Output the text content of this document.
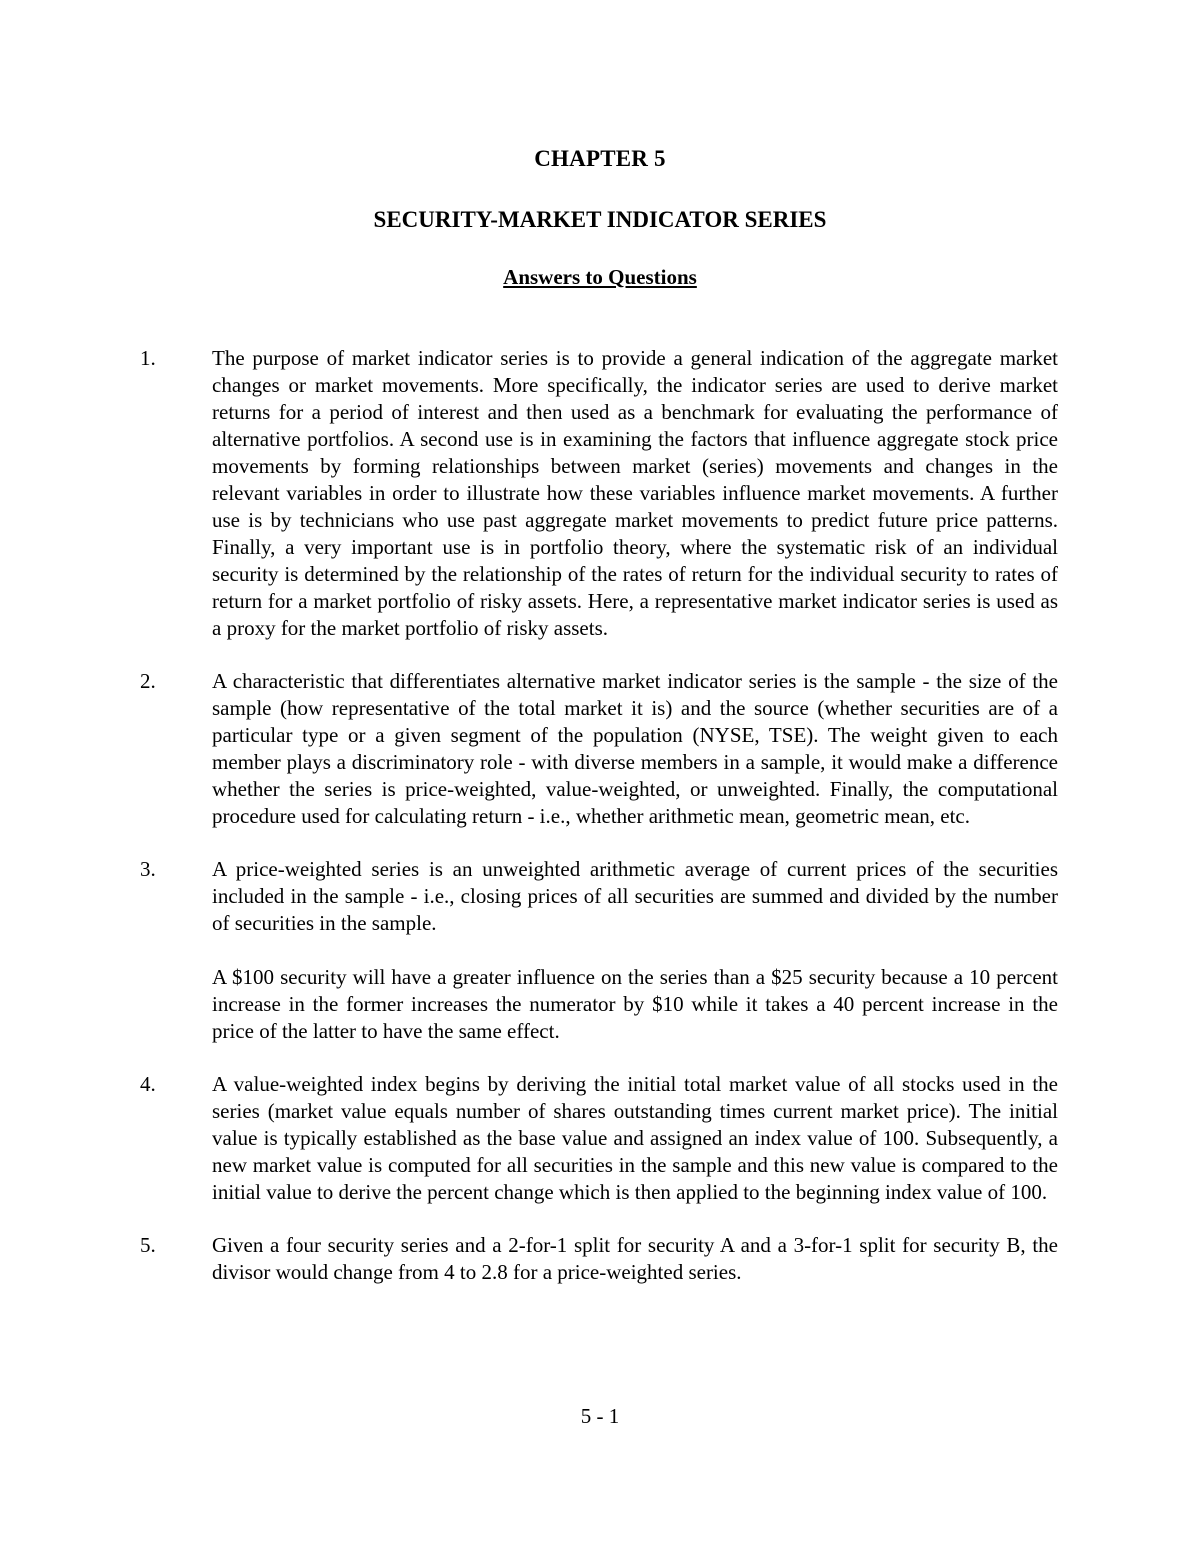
CHAPTER 5
SECURITY-MARKET INDICATOR SERIES
Answers to Questions
1.	The purpose of market indicator series is to provide a general indication of the aggregate market changes or market movements. More specifically, the indicator series are used to derive market returns for a period of interest and then used as a benchmark for evaluating the performance of alternative portfolios. A second use is in examining the factors that influence aggregate stock price movements by forming relationships between market (series) movements and changes in the relevant variables in order to illustrate how these variables influence market movements. A further use is by technicians who use past aggregate market movements to predict future price patterns. Finally, a very important use is in portfolio theory, where the systematic risk of an individual security is determined by the relationship of the rates of return for the individual security to rates of return for a market portfolio of risky assets. Here, a representative market indicator series is used as a proxy for the market portfolio of risky assets.

2.	A characteristic that differentiates alternative market indicator series is the sample - the size of the sample (how representative of the total market it is) and the source (whether securities are of a particular type or a given segment of the population (NYSE, TSE). The weight given to each member plays a discriminatory role - with diverse members in a sample, it would make a difference whether the series is price-weighted, value-weighted, or unweighted. Finally, the computational procedure used for calculating return - i.e., whether arithmetic mean, geometric mean, etc.

3.	A price-weighted series is an unweighted arithmetic average of current prices of the securities included in the sample - i.e., closing prices of all securities are summed and divided by the number of securities in the sample.

A $100 security will have a greater influence on the series than a $25 security because a 10 percent increase in the former increases the numerator by $10 while it takes a 40 percent increase in the price of the latter to have the same effect.

4.	A value-weighted index begins by deriving the initial total market value of all stocks used in the series (market value equals number of shares outstanding times current market price). The initial value is typically established as the base value and assigned an index value of 100. Subsequently, a new market value is computed for all securities in the sample and this new value is compared to the initial value to derive the percent change which is then applied to the beginning index value of 100.

5.	Given a four security series and a 2-for-1 split for security A and a 3-for-1 split for security B, the divisor would change from 4 to 2.8 for a price-weighted series.

5 - 1
